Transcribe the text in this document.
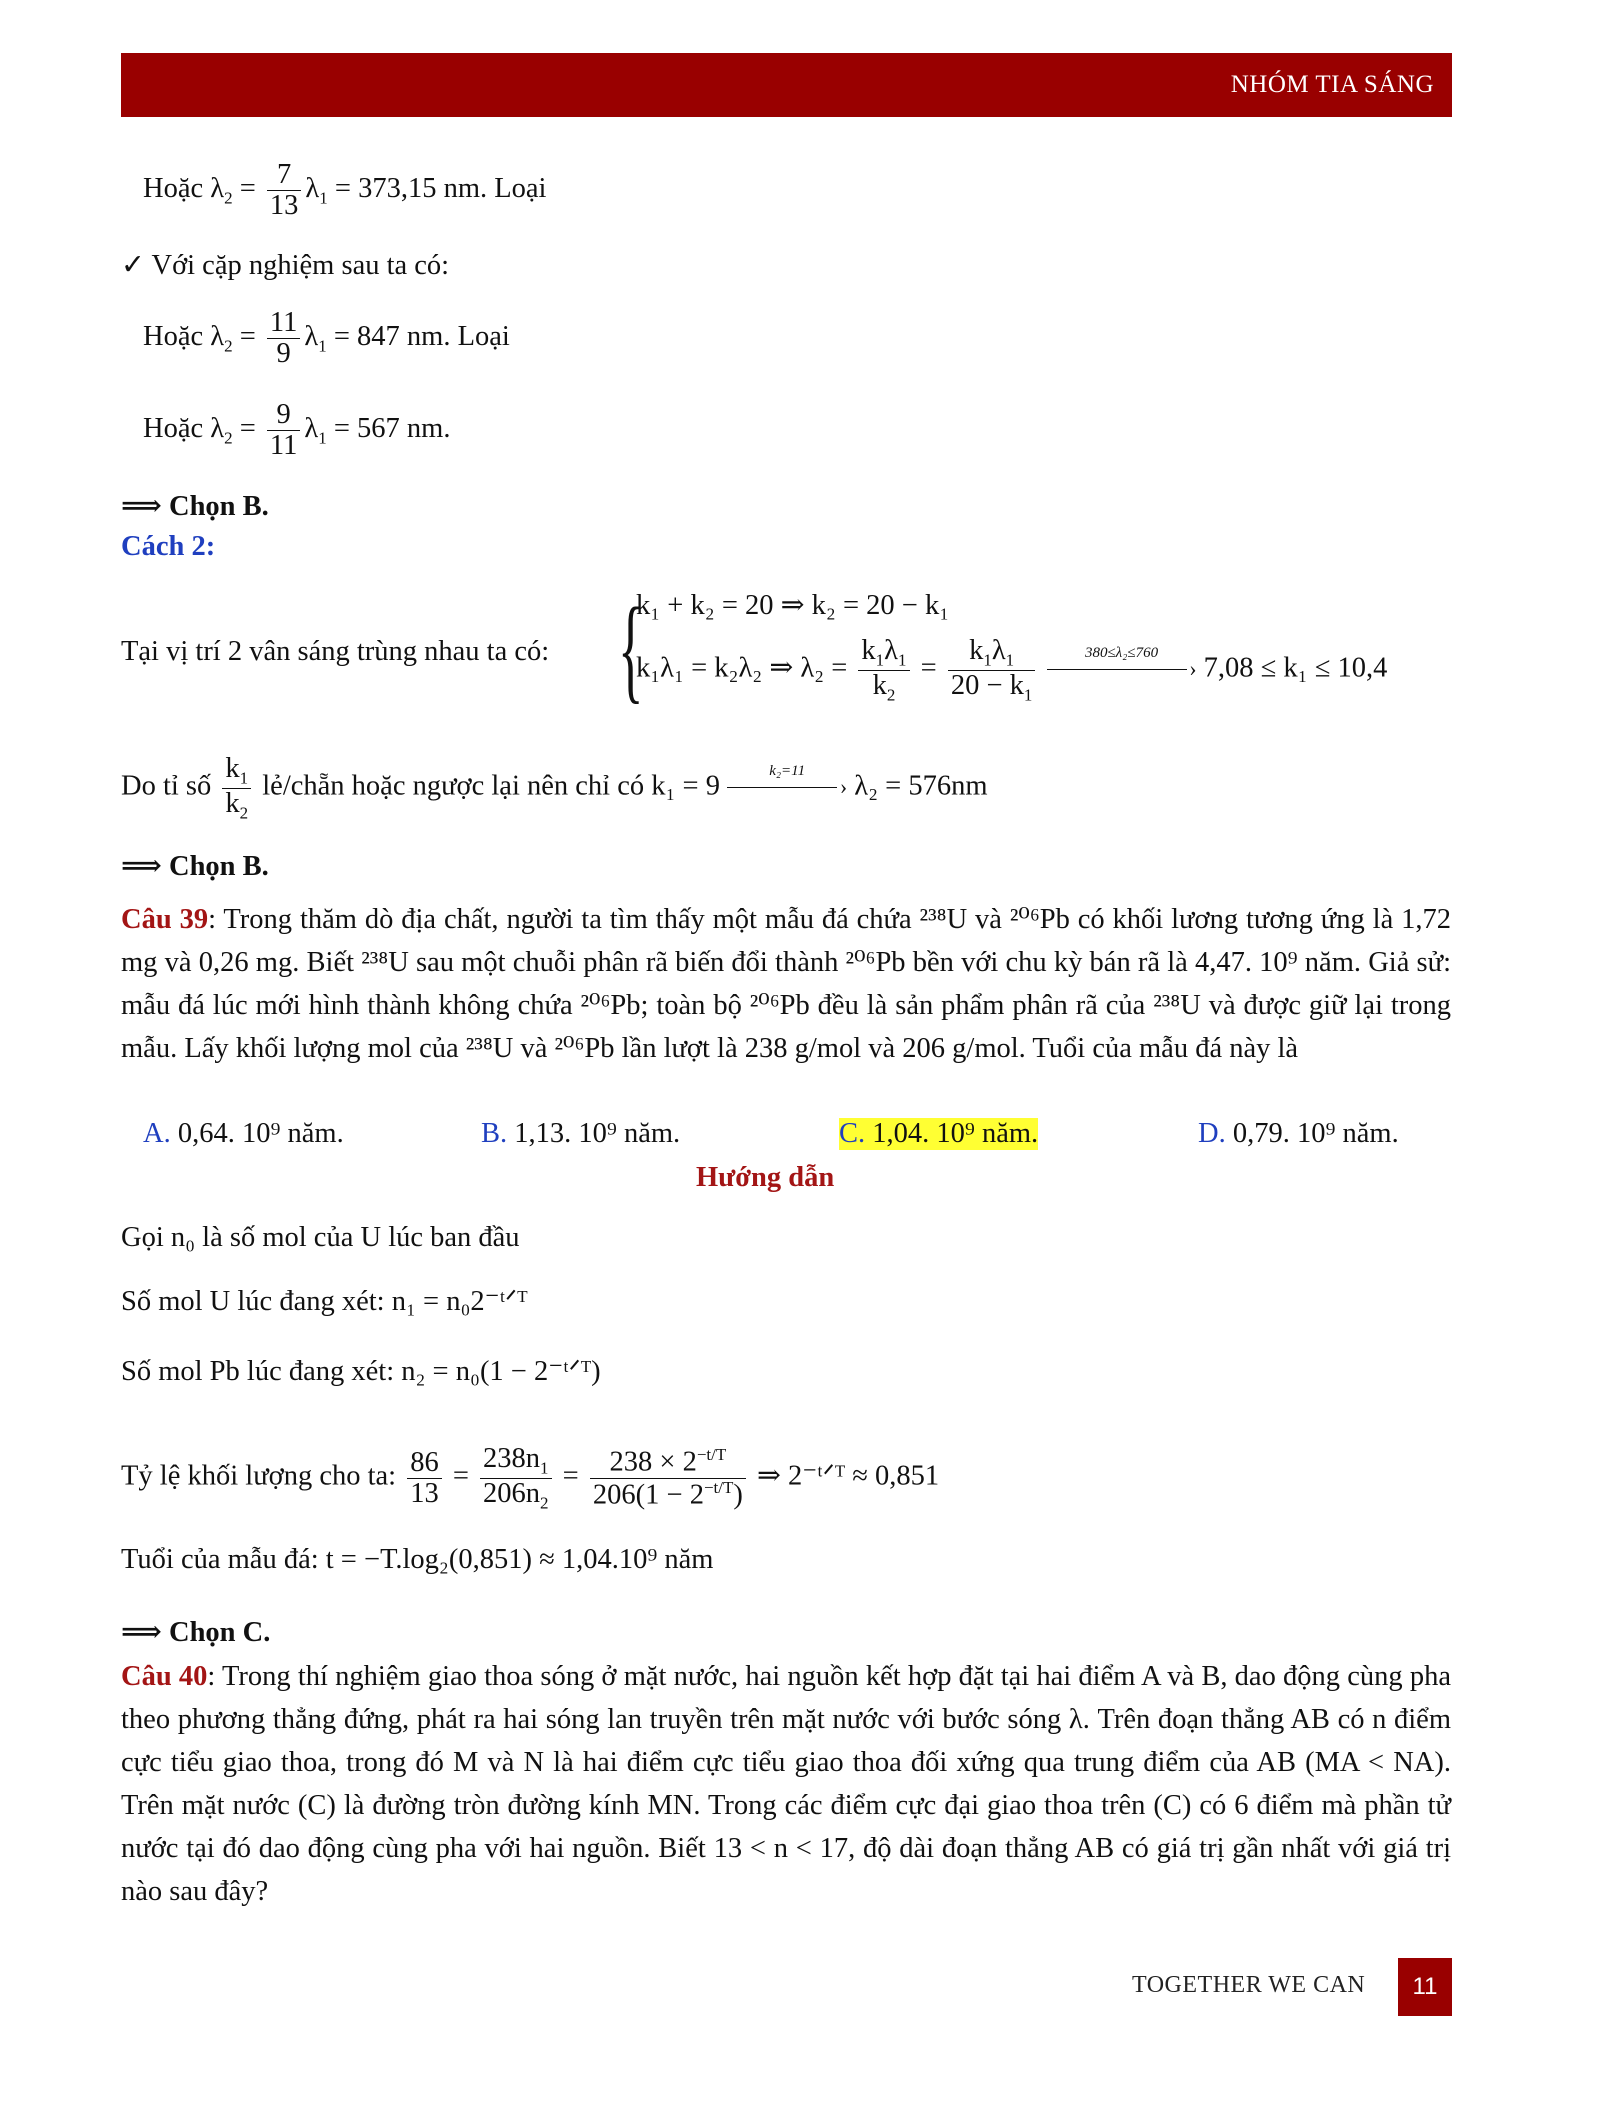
NHÓM TIA SÁNG
Hoặc $\lambda_2 = \frac{7}{13} \lambda_1 = 373,15$ nm. Loại
✓ Với cặp nghiệm sau ta có:
Hoặc $\lambda_2 = \frac{11}{9} \lambda_1 = 847$ nm. Loại
Hoặc $\lambda_2 = \frac{9}{11} \lambda_1 = 567$ nm.
⟹ Chọn B.
Cách 2:
Tại vị trí 2 vân sáng trùng nhau ta có: {
k₁ + k₂ = 20 ⇒ k₂ = 20 − k₁
k₁λ₁ = k₂λ₂ ⇒ $\lambda_2 = \frac{k_1\lambda_1}{k_2} = \frac{k_1\lambda_1}{20 - k_1}$
	380≤λ₂≤760
› 7,08 ≤ k₁ ≤ 10,4
Do tỉ số $\frac{k_1}{k_2}$ lẻ/chẵn hoặc ngược lại nên chỉ có k₁ = 9	k₂=11
› λ₂ = 576nm
⟹ Chọn B.
Câu 39: Trong thăm dò địa chất, người ta tìm thấy một mẫu đá chứa ²³⁸U và ²⁰⁶Pb có khối lương tương ứng là 1,72 mg và 0,26 mg. Biết ²³⁸U sau một chuỗi phân rã biến đổi thành ²⁰⁶Pb bền với chu kỳ bán rã là 4,47. 10⁹ năm. Giả sử: mẫu đá lúc mới hình thành không chứa ²⁰⁶Pb; toàn bộ ²⁰⁶Pb đều là sản phẩm phân rã của ²³⁸U và được giữ lại trong mẫu. Lấy khối lượng mol của ²³⁸U và ²⁰⁶Pb lần lượt là 238 g/mol và 206 g/mol. Tuổi của mẫu đá này là
A. 0,64. 10⁹ năm.	B. 1,13. 10⁹ năm.	C. 1,04. 10⁹ năm.	D. 0,79. 10⁹ năm.
Hướng dẫn
Gọi n₀ là số mol của U lúc ban đầu
Số mol U lúc đang xét: n₁ = n₀2⁻ᵗᐟᵀ
Số mol Pb lúc đang xét: n₂ = n₀(1 − 2⁻ᵗᐟᵀ)
Tỷ lệ khối lượng cho ta: $\frac{86}{13} = \frac{238n_1}{206n_2} = \frac{238 \times 2^{-t/T}}{206(1 - 2^{-t/T})}$ ⇒ 2⁻ᵗᐟᵀ ≈ 0,851
Tuổi của mẫu đá: t = −T.log₂(0,851) ≈ 1,04.10⁹ năm
⟹ Chọn C.
Câu 40: Trong thí nghiệm giao thoa sóng ở mặt nước, hai nguồn kết hợp đặt tại hai điểm A và B, dao động cùng pha theo phương thẳng đứng, phát ra hai sóng lan truyền trên mặt nước với bước sóng λ. Trên đoạn thẳng AB có n điểm cực tiểu giao thoa, trong đó M và N là hai điểm cực tiểu giao thoa đối xứng qua trung điểm của AB (MA < NA). Trên mặt nước (C) là đường tròn đường kính MN. Trong các điểm cực đại giao thoa trên (C) có 6 điểm mà phần tử nước tại đó dao động cùng pha với hai nguồn. Biết 13 < n < 17, độ dài đoạn thẳng AB có giá trị gần nhất với giá trị nào sau đây?
TOGETHER WE CAN	11
